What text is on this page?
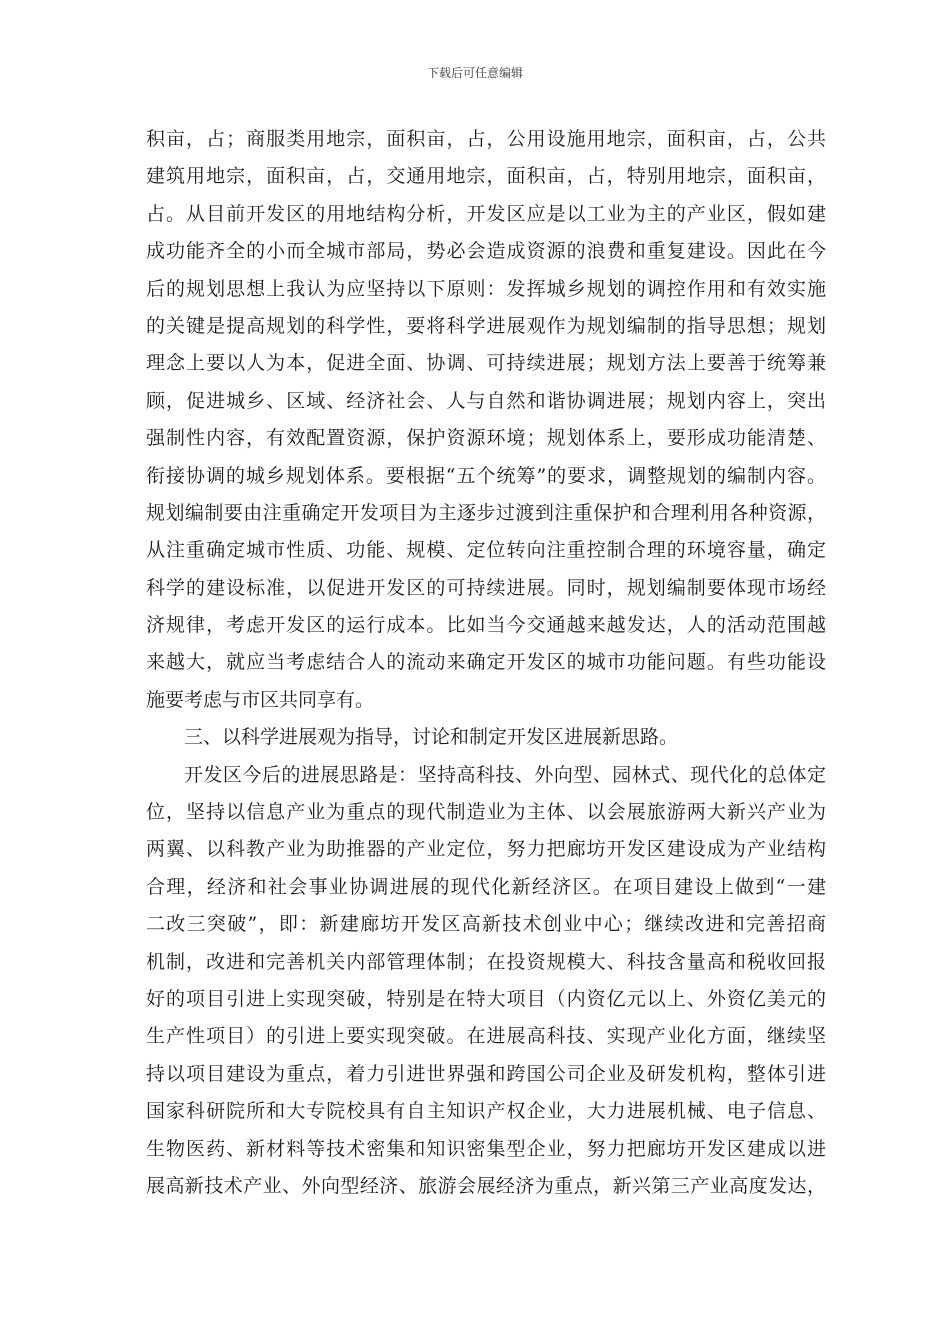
下载后可任意编辑
积亩，占；商服类用地宗，面积亩，占，公用设施用地宗，面积亩，占，公共
建筑用地宗，面积亩，占，交通用地宗，面积亩，占，特别用地宗，面积亩，
占。从目前开发区的用地结构分析，开发区应是以工业为主的产业区，假如建
成功能齐全的小而全城市部局，势必会造成资源的浪费和重复建设。因此在今
后的规划思想上我认为应坚持以下原则：发挥城乡规划的调控作用和有效实施
的关键是提高规划的科学性，要将科学进展观作为规划编制的指导思想；规划
理念上要以人为本，促进全面、协调、可持续进展；规划方法上要善于统筹兼
顾，促进城乡、区域、经济社会、人与自然和谐协调进展；规划内容上，突出
强制性内容，有效配置资源，保护资源环境；规划体系上，要形成功能清楚、
衔接协调的城乡规划体系。要根据“五个统筹”的要求，调整规划的编制内容。
规划编制要由注重确定开发项目为主逐步过渡到注重保护和合理利用各种资源，
从注重确定城市性质、功能、规模、定位转向注重控制合理的环境容量，确定
科学的建设标准，以促进开发区的可持续进展。同时，规划编制要体现市场经
济规律，考虑开发区的运行成本。比如当今交通越来越发达，人的活动范围越
来越大，就应当考虑结合人的流动来确定开发区的城市功能问题。有些功能设
施要考虑与市区共同享有。
三、以科学进展观为指导，讨论和制定开发区进展新思路。
开发区今后的进展思路是：坚持高科技、外向型、园林式、现代化的总体定
位，坚持以信息产业为重点的现代制造业为主体、以会展旅游两大新兴产业为
两翼、以科教产业为助推器的产业定位，努力把廊坊开发区建设成为产业结构
合理，经济和社会事业协调进展的现代化新经济区。在项目建设上做到“一建
二改三突破”，即：新建廊坊开发区高新技术创业中心；继续改进和完善招商
机制，改进和完善机关内部管理体制；在投资规模大、科技含量高和税收回报
好的项目引进上实现突破，特别是在特大项目（内资亿元以上、外资亿美元的
生产性项目）的引进上要实现突破。在进展高科技、实现产业化方面，继续坚
持以项目建设为重点，着力引进世界强和跨国公司企业及研发机构，整体引进
国家科研院所和大专院校具有自主知识产权企业，大力进展机械、电子信息、
生物医药、新材料等技术密集和知识密集型企业，努力把廊坊开发区建成以进
展高新技术产业、外向型经济、旅游会展经济为重点，新兴第三产业高度发达，
